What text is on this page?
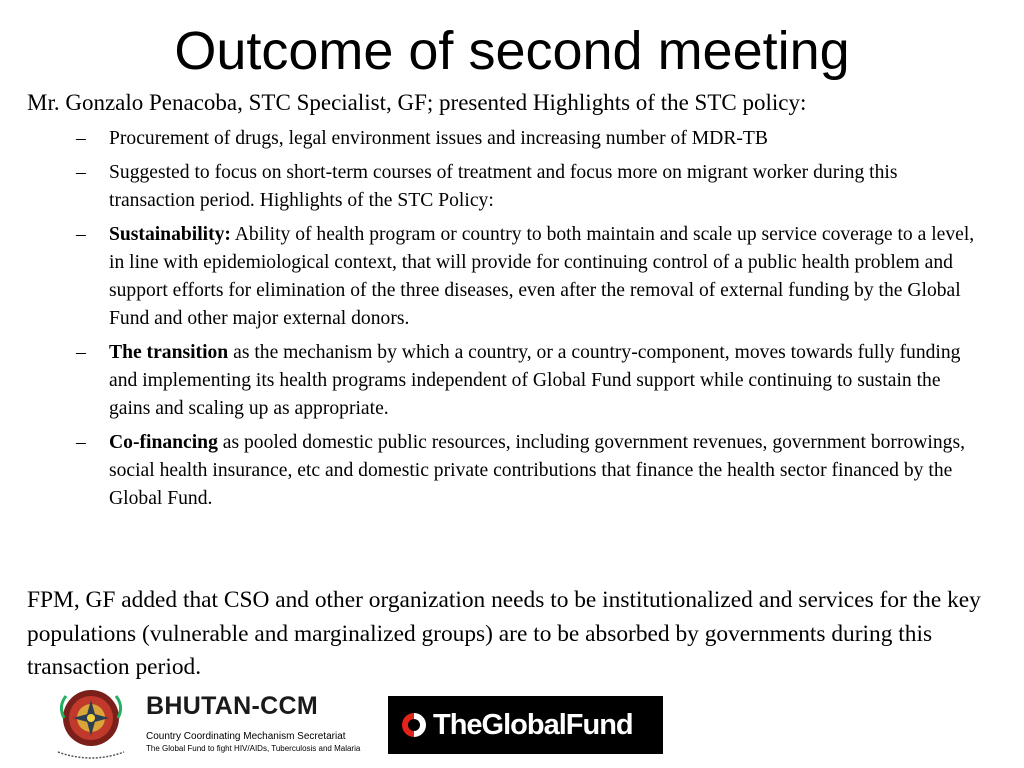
Outcome of second meeting
Mr. Gonzalo Penacoba, STC Specialist, GF; presented Highlights of the STC policy:
– Procurement of drugs, legal environment issues and increasing number of MDR-TB
– Suggested to focus on short-term courses of treatment and focus more on migrant worker during this transaction period. Highlights of the STC Policy:
– Sustainability: Ability of health program or country to both maintain and scale up service coverage to a level, in line with epidemiological context, that will provide for continuing control of a public health problem and support efforts for elimination of the three diseases, even after the removal of external funding by the Global Fund and other major external donors.
– The transition as the mechanism by which a country, or a country-component, moves towards fully funding and implementing its health programs independent of Global Fund support while continuing to sustain the gains and scaling up as appropriate.
– Co-financing as pooled domestic public resources, including government revenues, government borrowings, social health insurance, etc and domestic private contributions that finance the health sector financed by the Global Fund.
FPM, GF added that CSO and other organization needs to be institutionalized and services for the key populations (vulnerable and marginalized groups) are to be absorbed by governments during this transaction period.
BHUTAN-CCM
Country Coordinating Mechanism Secretariat
The Global Fund to fight HIV/AIDs, Tuberculosis and Malaria
TheGlobalFund
